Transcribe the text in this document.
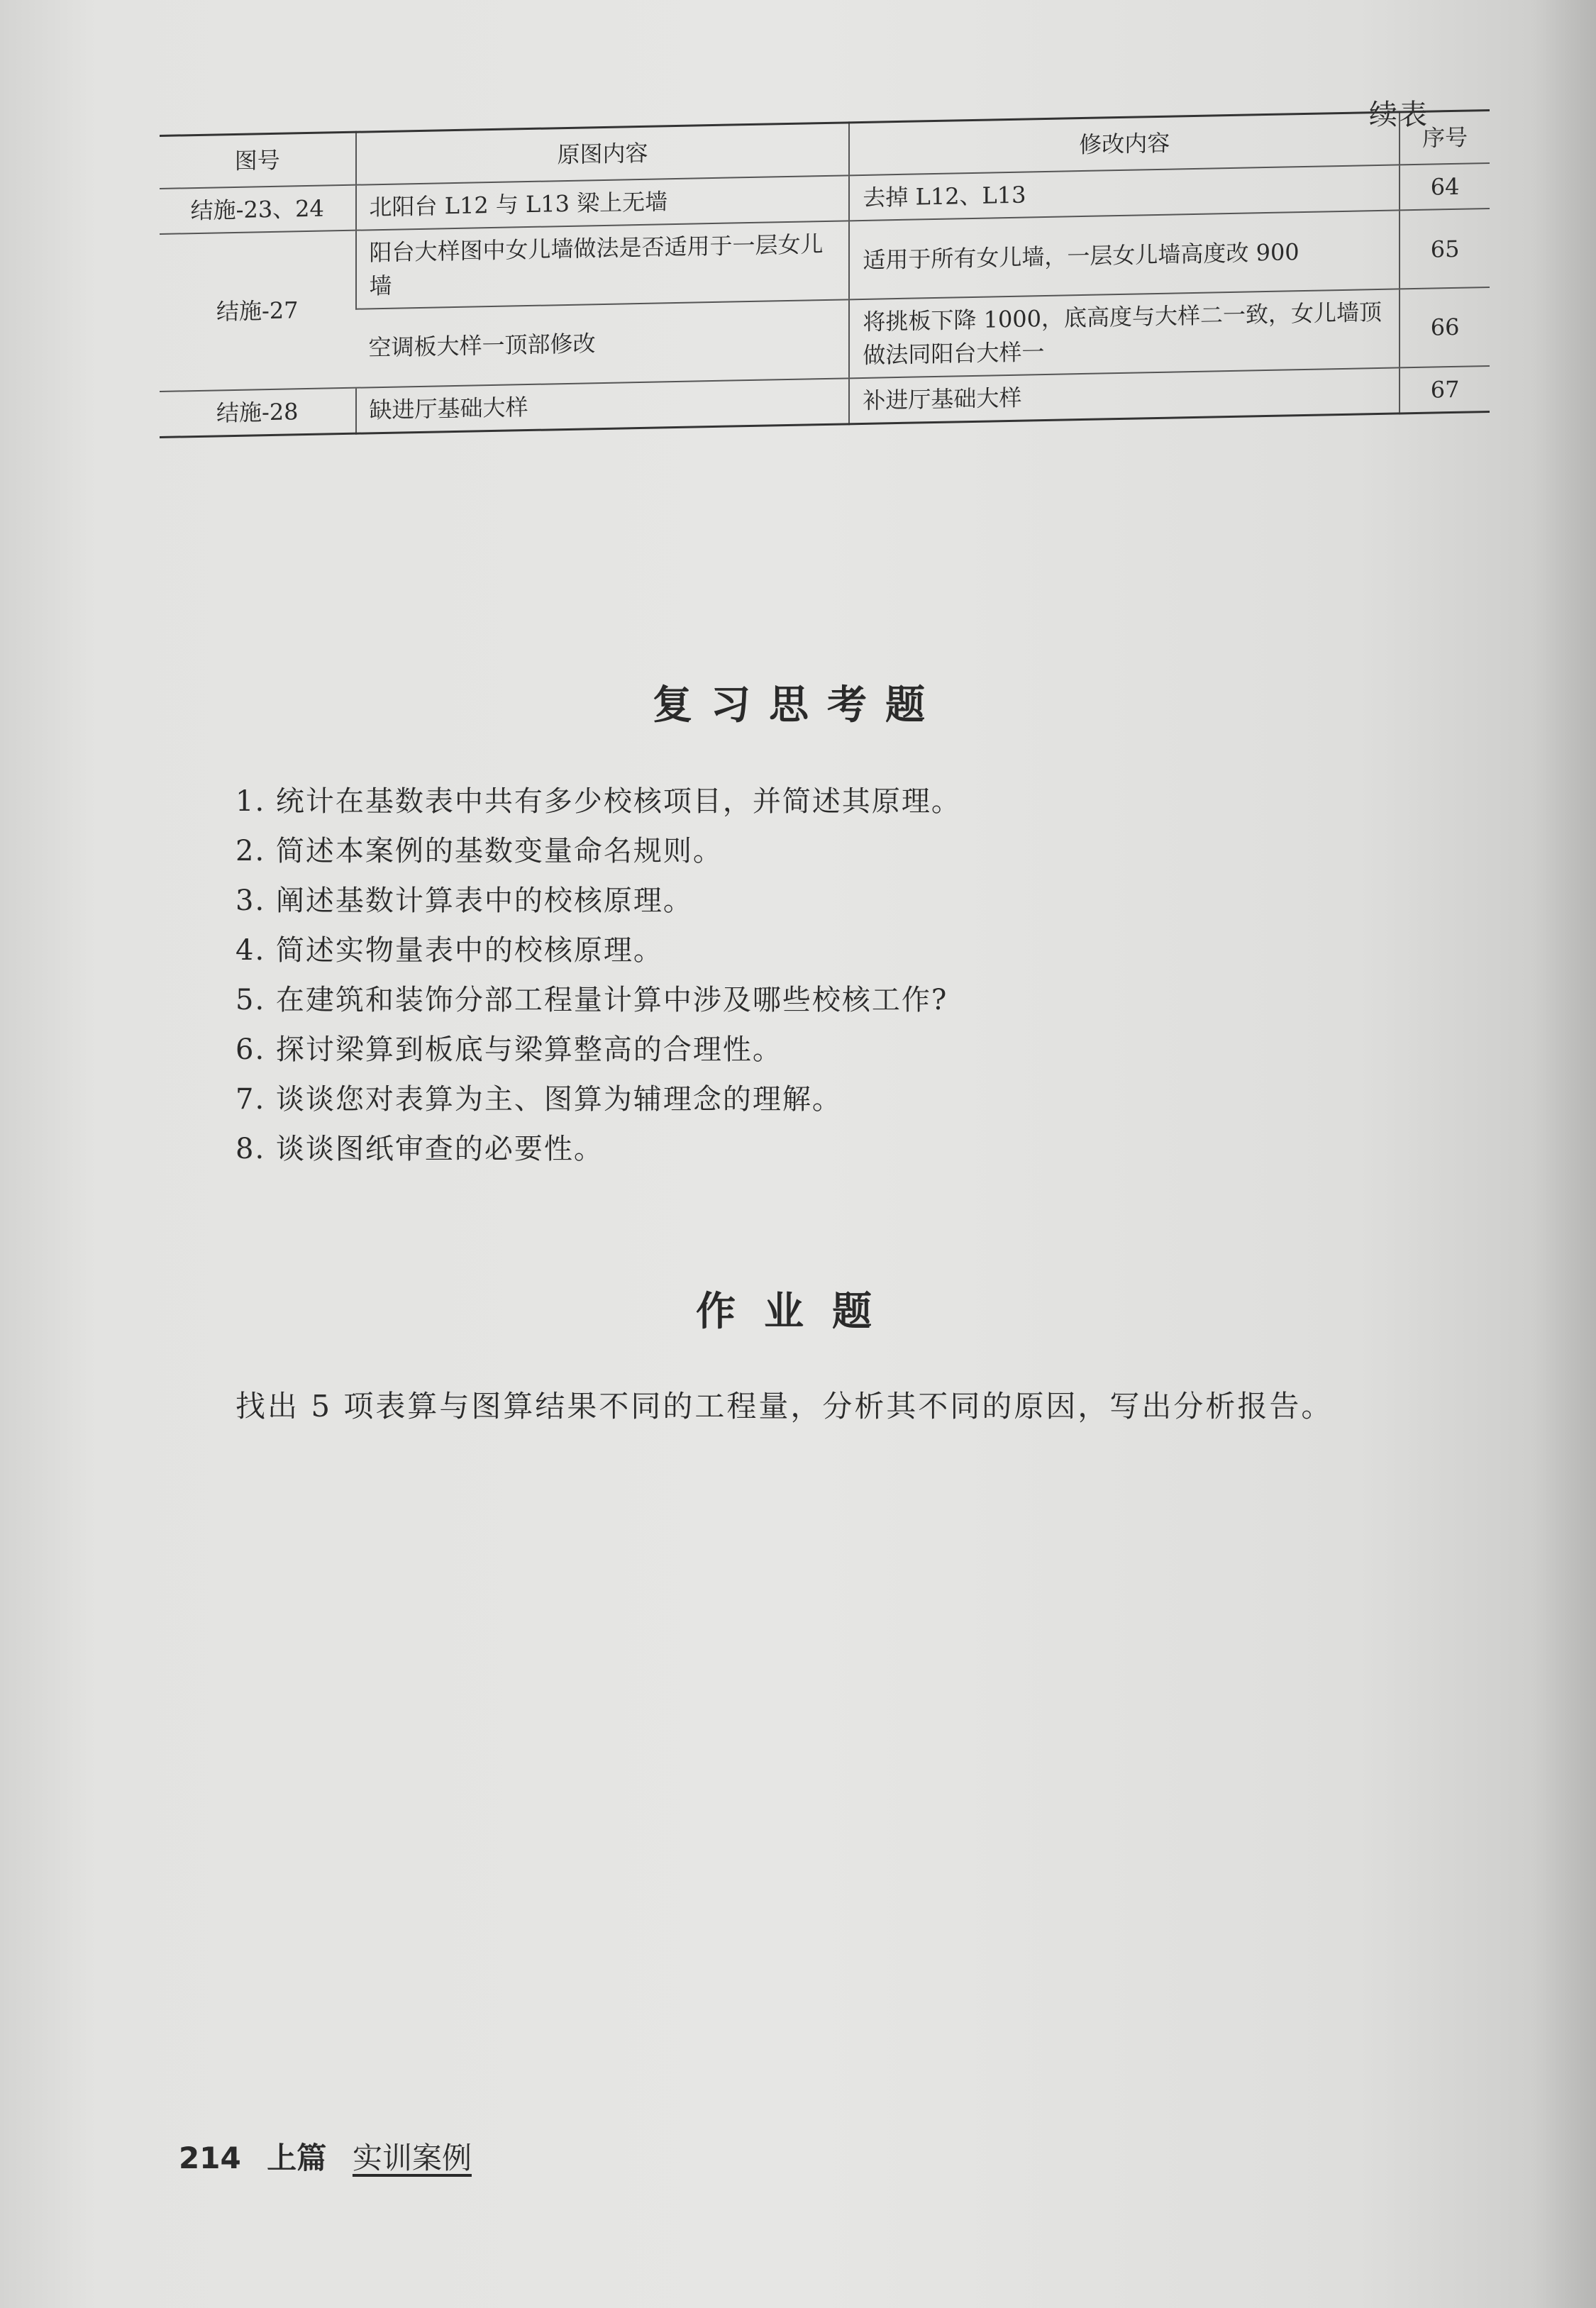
续表
图号	原图内容	修改内容	序号
结施-23、24	北阳台 L12 与 L13 梁上无墙	去掉 L12、L13	64
结施-27	阳台大样图中女儿墙做法是否适用于一层女儿墙	适用于所有女儿墙，一层女儿墙高度改 900	65
	空调板大样一顶部修改	将挑板下降 1000，底高度与大样二一致，女儿墙顶做法同阳台大样一	66
结施-28	缺进厅基础大样	补进厅基础大样	67
复习思考题
1. 统计在基数表中共有多少校核项目，并简述其原理。
2. 简述本案例的基数变量命名规则。
3. 阐述基数计算表中的校核原理。
4. 简述实物量表中的校核原理。
5. 在建筑和装饰分部工程量计算中涉及哪些校核工作?
6. 探讨梁算到板底与梁算整高的合理性。
7. 谈谈您对表算为主、图算为辅理念的理解。
8. 谈谈图纸审查的必要性。
作业题
找出 5 项表算与图算结果不同的工程量，分析其不同的原因，写出分析报告。
214 上篇 实训案例
